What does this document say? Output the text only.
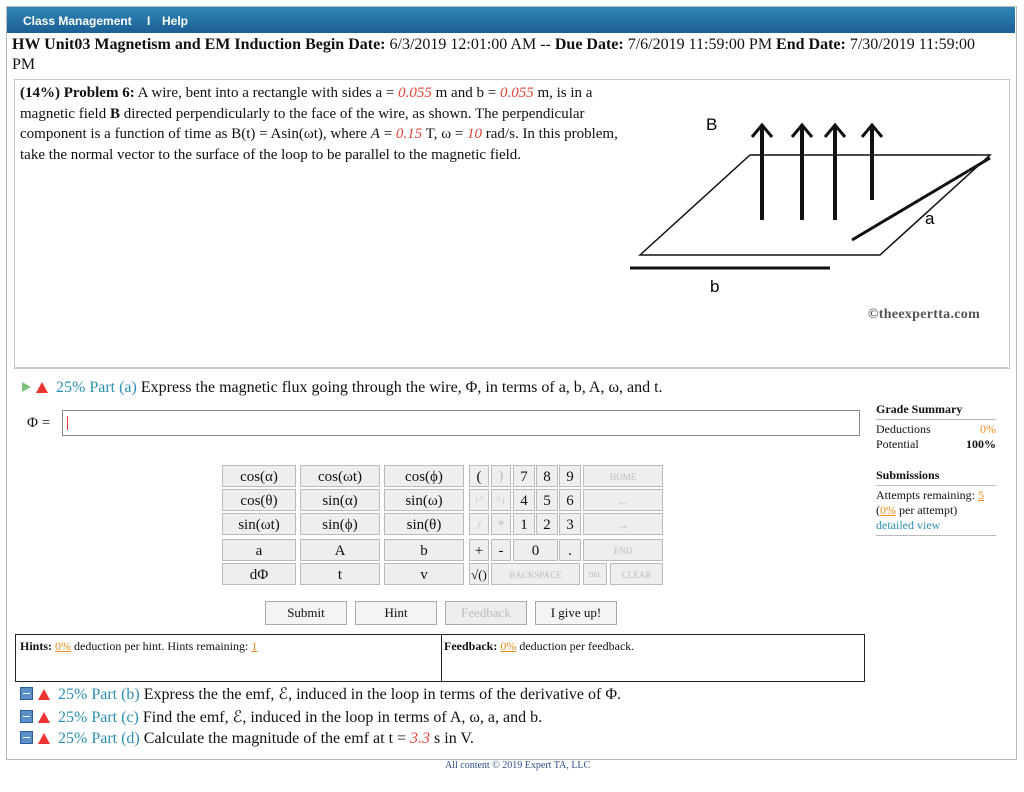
Class Management I Help
HW Unit03 Magnetism and EM Induction Begin Date: 6/3/2019 12:01:00 AM -- Due Date: 7/6/2019 11:59:00 PM End Date: 7/30/2019 11:59:00 PM
(14%) Problem 6: A wire, bent into a rectangle with sides a = 0.055 m and b = 0.055 m, is in a magnetic field B directed perpendicularly to the face of the wire, as shown. The perpendicular component is a function of time as B(t) = Asin(ωt), where A = 0.15 T, ω = 10 rad/s. In this problem, take the normal vector to the surface of the loop to be parallel to the magnetic field.
B
a
b
©theexpertta.com
25% Part (a) Express the magnetic flux going through the wire, Φ, in terms of a, b, A, ω, and t.
Φ =
Grade Summary
Deductions	0%
Potential	100%
Submissions
Attempts remaining: 5
(0% per attempt)
detailed view
cos(α)	cos(ωt)	cos(ϕ)
cos(θ)	sin(α)	sin(ω)
sin(ωt)	sin(ϕ)	sin(θ)
a	A	b
dΦ	t	v
(	)
↑^	^↓
/	*
+	-
√()
7	8	9
4	5	6
1	2	3
0	.
HOME
←
→
END
BACKSPACE	DEL	CLEAR
Submit	Hint	Feedback	I give up!
Hints: 0% deduction per hint. Hints remaining: 1	Feedback: 0% deduction per feedback.
25% Part (b) Express the the emf, ℰ, induced in the loop in terms of the derivative of Φ.
25% Part (c) Find the emf, ℰ, induced in the loop in terms of A, ω, a, and b.
25% Part (d) Calculate the magnitude of the emf at t = 3.3 s in V.
All content © 2019 Expert TA, LLC
